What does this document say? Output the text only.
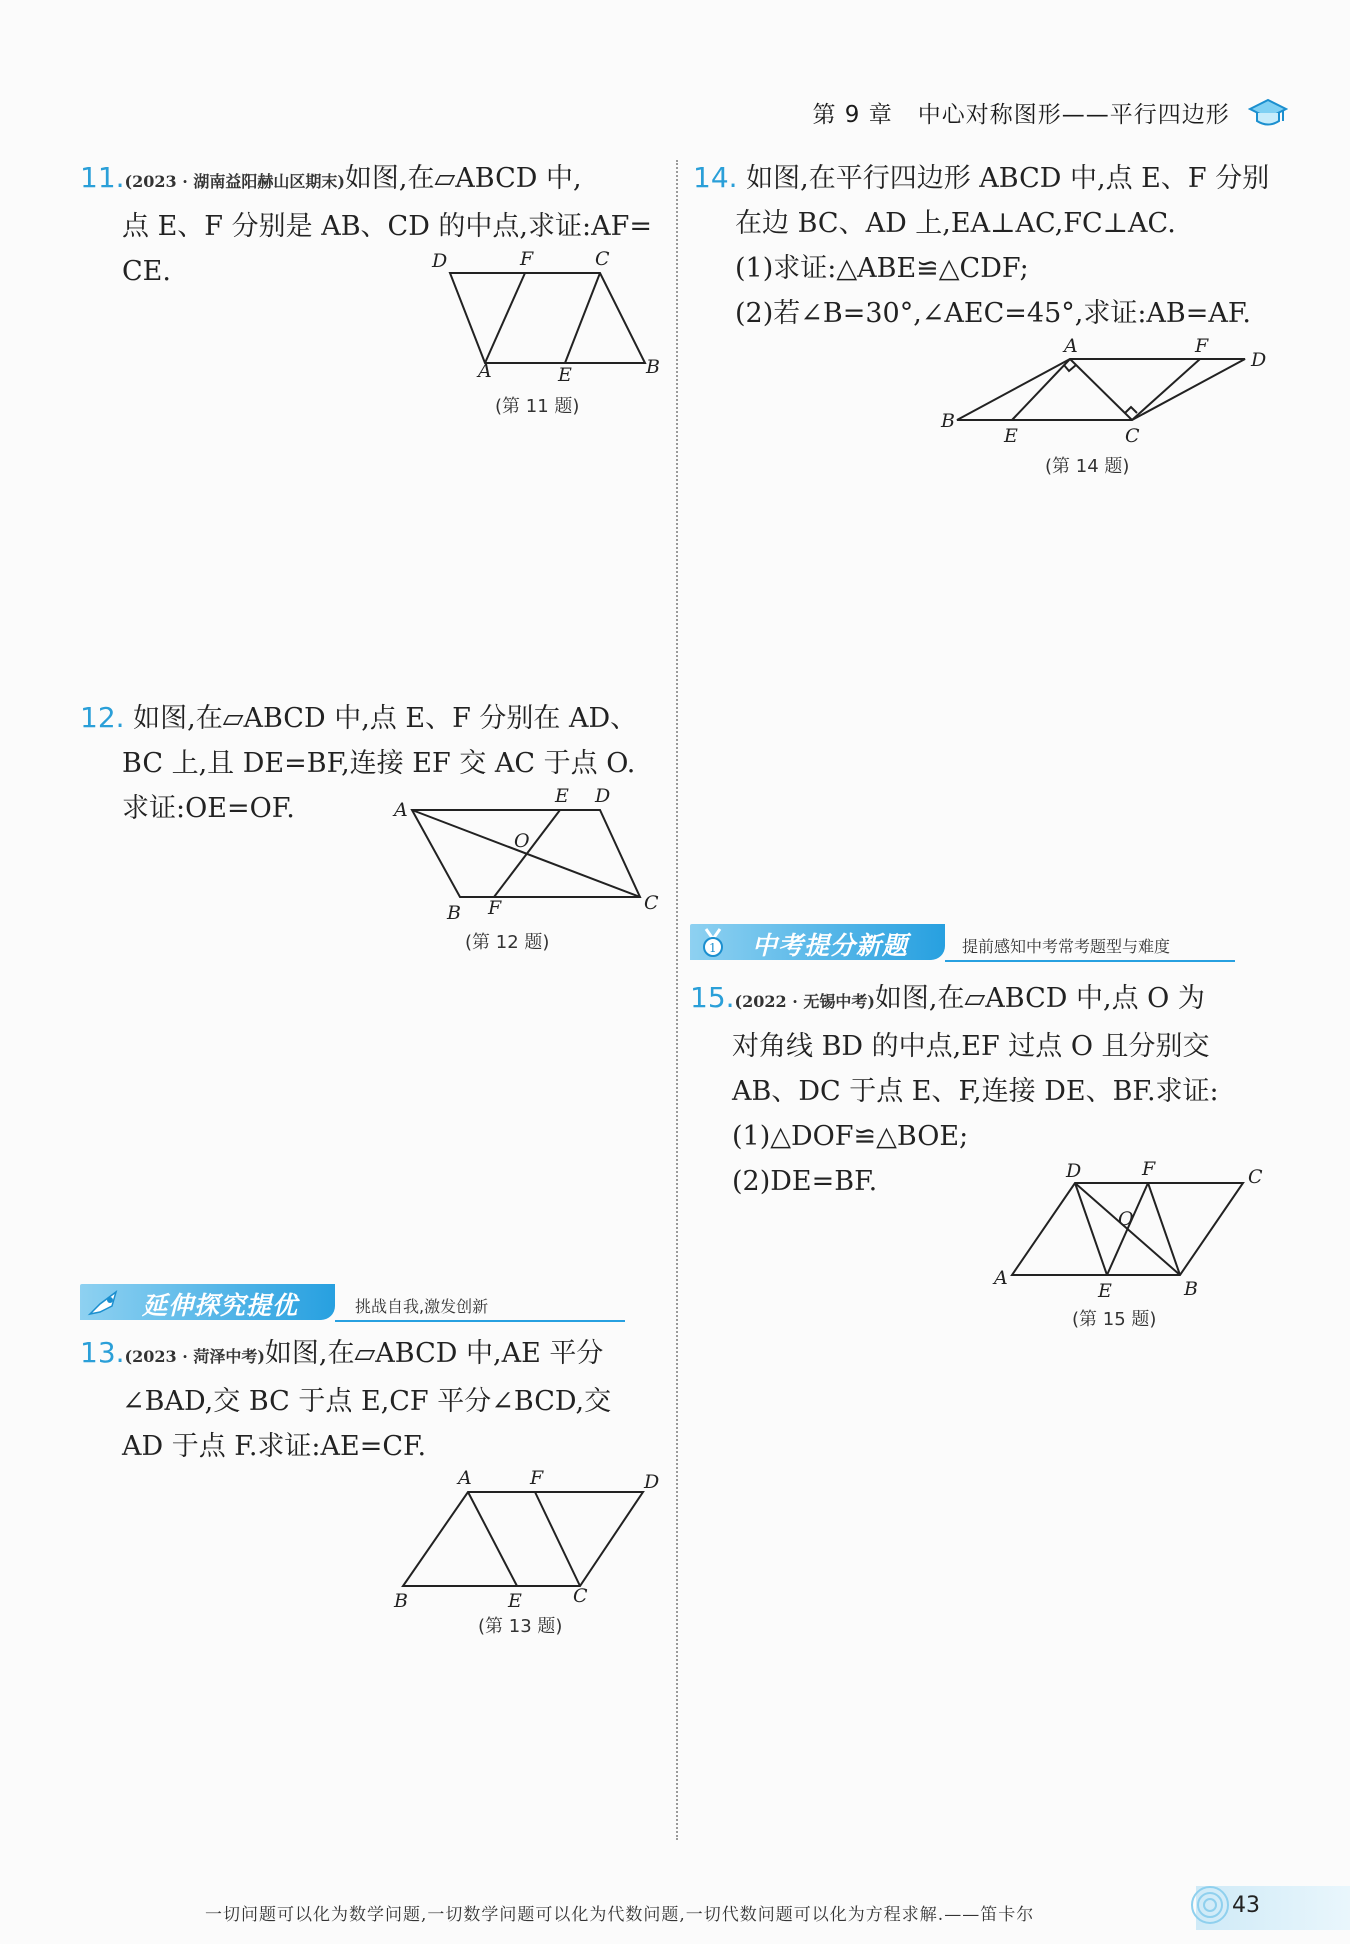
第 9 章 中心对称图形——平行四边形
11.(2023 · 湖南益阳赫山区期末)如图,在▱ABCD 中,
点 E、F 分别是 AB、CD 的中点,求证:AF=
CE.	D	F	C
A	E	B
(第 11 题)
12. 如图,在▱ABCD 中,点 E、F 分别在 AD、
BC 上,且 DE=BF,连接 EF 交 AC 于点 O.
求证:OE=OF.	A
E D
O
B F	C
(第 12 题)
延伸探究提优	挑战自我,激发创新
13.(2023 · 菏泽中考)如图,在▱ABCD 中,AE 平分
∠BAD,交 BC 于点 E,CF 平分∠BCD,交
AD 于点 F.求证:AE=CF.
A	F	D
B	E	C
(第 13 题)
14. 如图,在平行四边形 ABCD 中,点 E、F 分别
在边 BC、AD 上,EA⊥AC,FC⊥AC.
(1)求证:△ABE≌△CDF;
(2)若∠B=30°,∠AEC=45°,求证:AB=AF.
A	F
D
B
E	C
(第 14 题)
1 中考提分新题	提前感知中考常考题型与难度
15.(2022 · 无锡中考)如图,在▱ABCD 中,点 O 为
对角线 BD 的中点,EF 过点 O 且分别交
AB、DC 于点 E、F,连接 DE、BF.求证:
(1)△DOF≌△BOE;
(2)DE=BF.	D	F	C
O
A
E	B
(第 15 题)
一切问题可以化为数学问题,一切数学问题可以化为代数问题,一切代数问题可以化为方程求解.——笛卡尔	43
